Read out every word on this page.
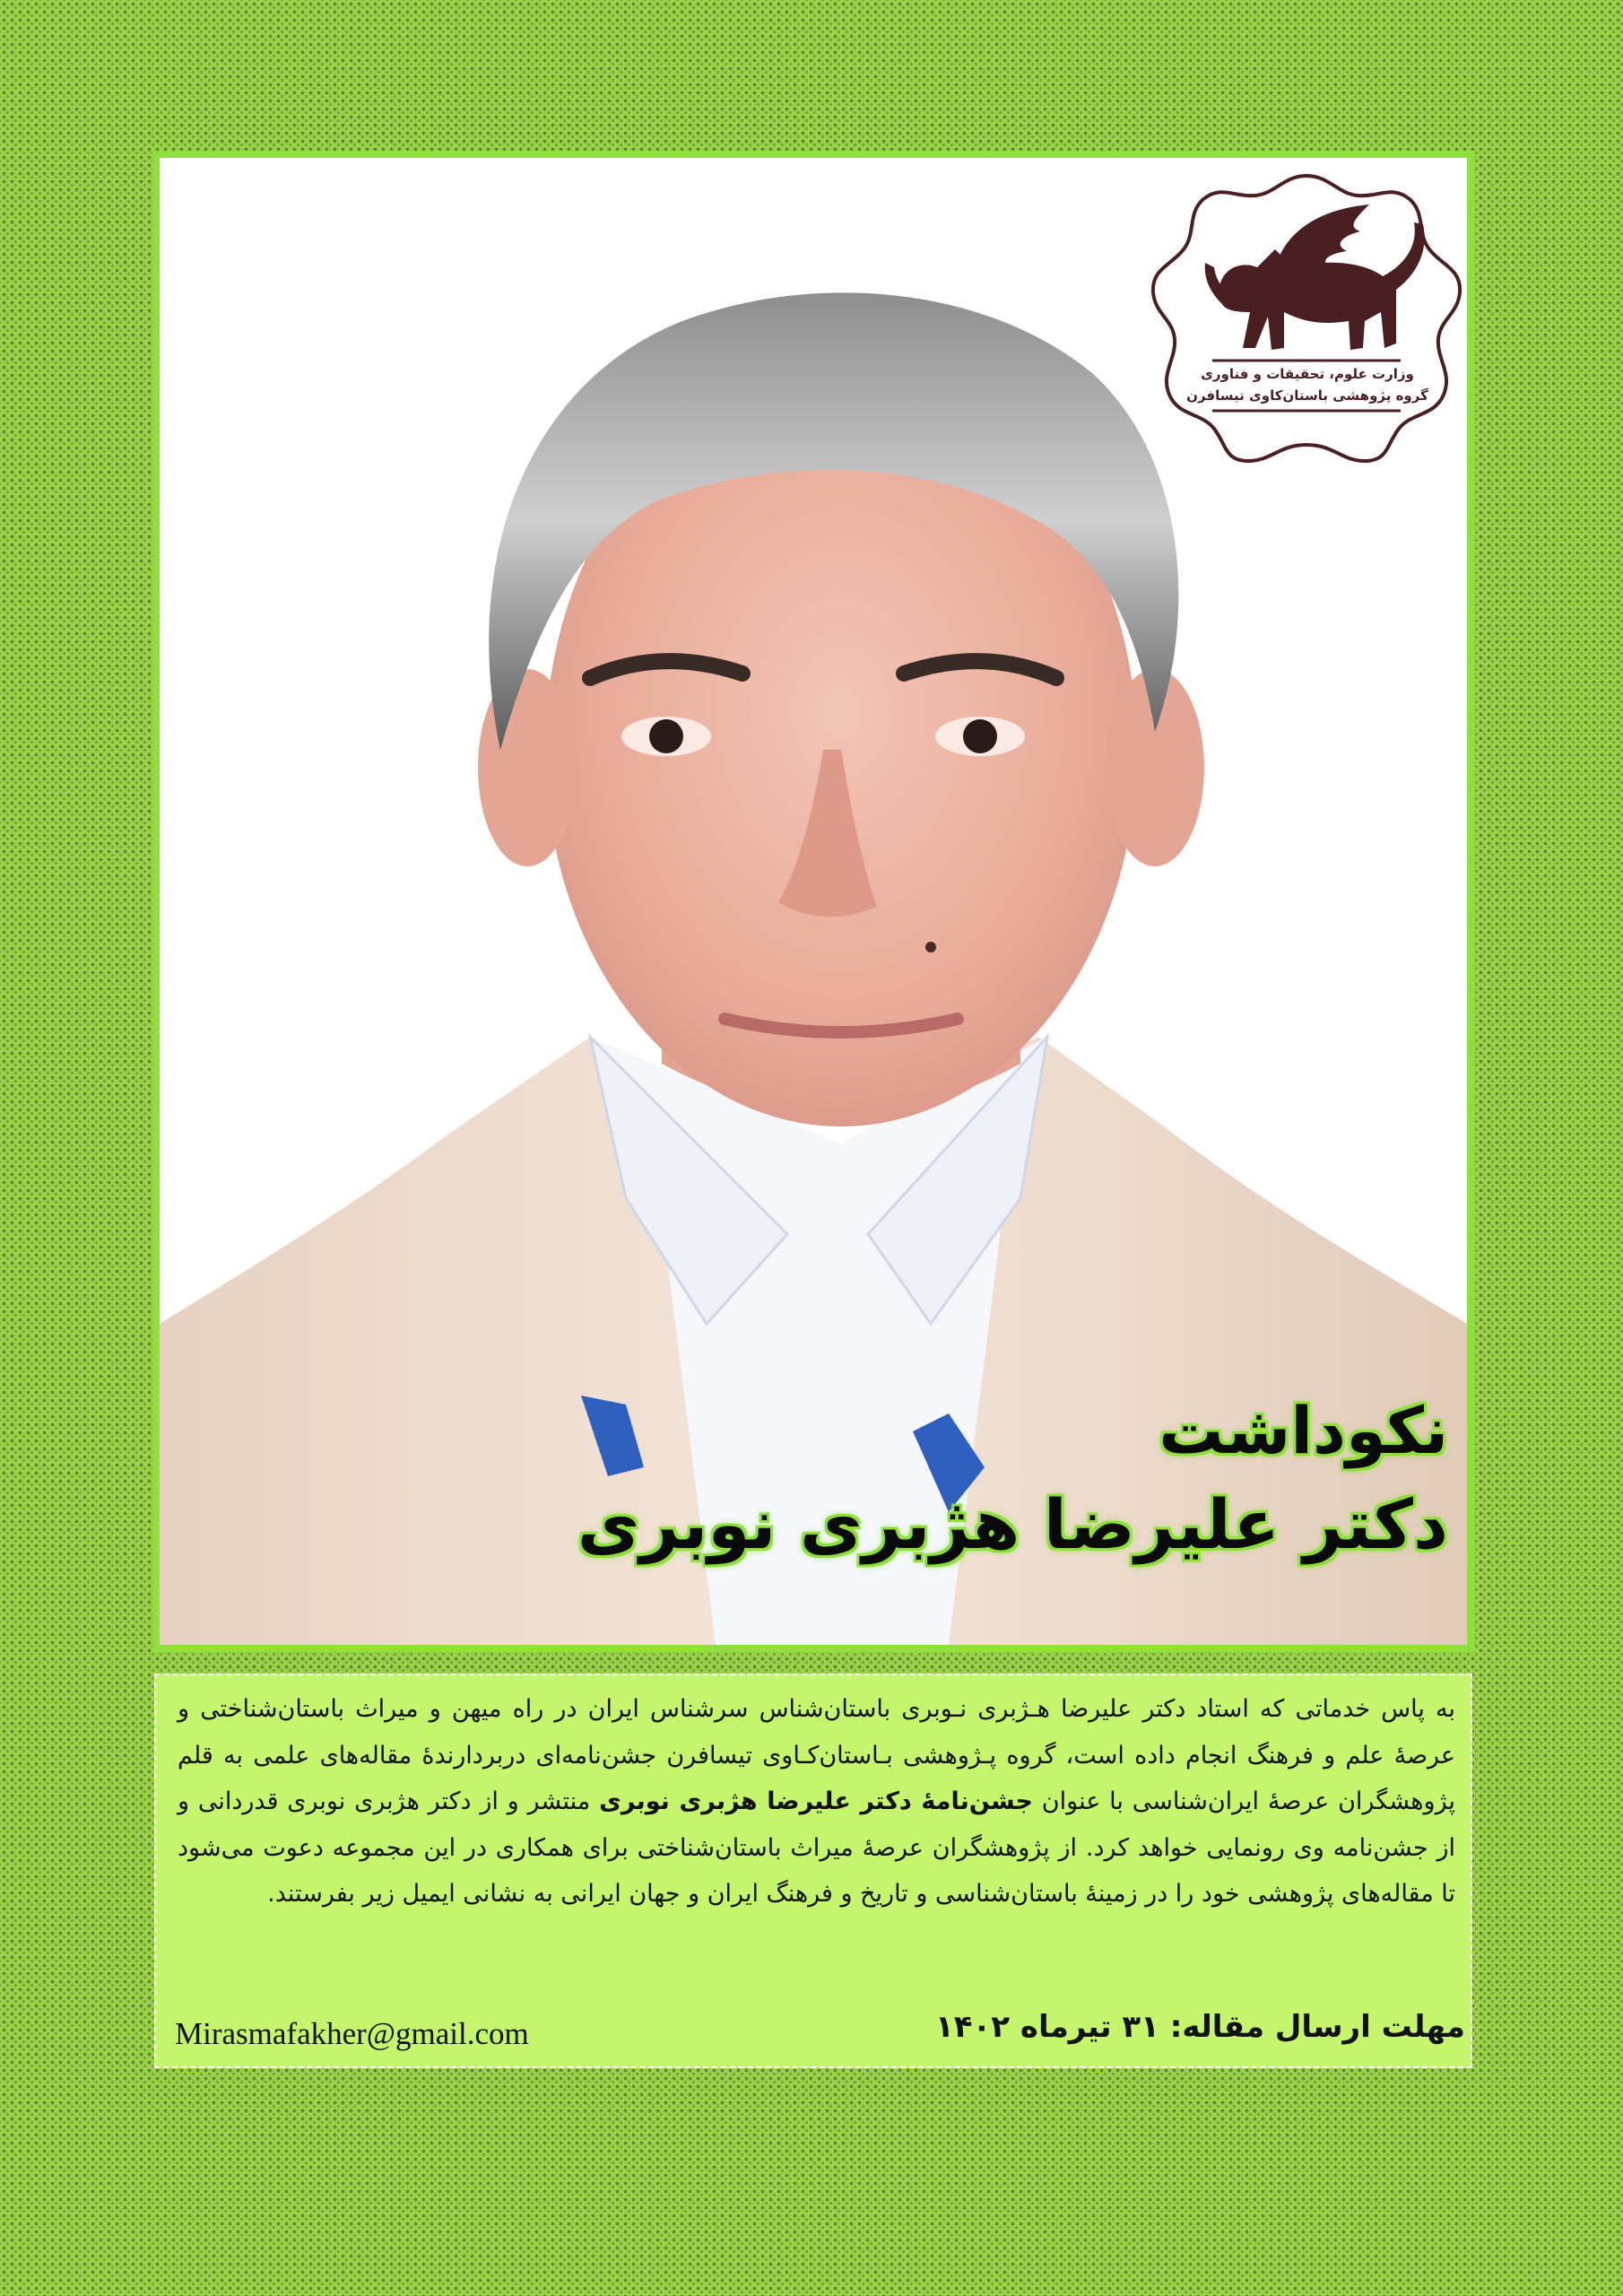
وزارت علوم، تحقیقات و فناوری
گروه پژوهشی باستان‌کاوی تیسافرن
نکوداشت
دکتر علیرضا هژبری نوبری
به پاس خدماتی که استاد دکتر علیرضا هـژبری نـوبری باستان‌شناس سرشناس ایران در راه میهن و میراث باستان‌شناختی و عرصهٔ علم و فرهنگ انجام داده است، گروه پـژوهشی بـاستان‌کـاوی تیسافرن جشن‌نامه‌ای دربردارندهٔ مقاله‌های علمی به قلم پژوهشگران عرصهٔ ایران‌شناسی با عنوان جشن‌نامهٔ دکتر علیرضا هژبری نوبری منتشر و از دکتر هژبری نوبری قدردانی و از جشن‌نامه وی رونمایی خواهد کرد. از پژوهشگران عرصهٔ میراث باستان‌شناختی برای همکاری در این مجموعه دعوت می‌شود تا مقاله‌های پژوهشی خود را در زمینهٔ باستان‌شناسی و تاریخ و فرهنگ ایران و جهان ایرانی به نشانی ایمیل زیر بفرستند.
مهلت ارسال مقاله: ۳۱ تیرماه ۱۴۰۲
Mirasmafakher@gmail.com
